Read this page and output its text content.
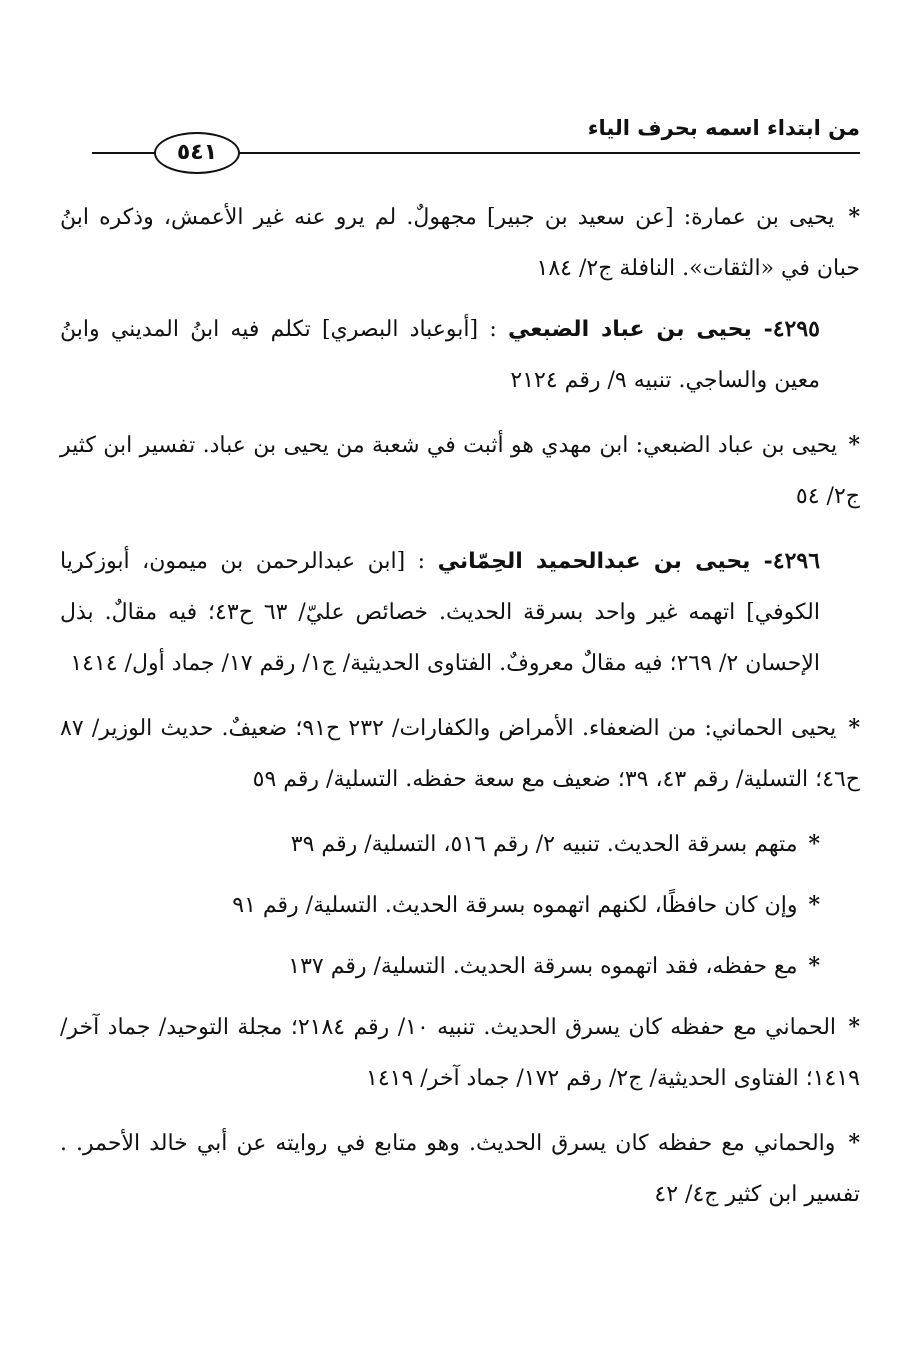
من ابتداء اسمه بحرف الياء
٥٤١

* يحيى بن عمارة: [عن سعيد بن جبير] مجهولٌ. لم يرو عنه غير الأعمش، وذكره ابنُ حبان في «الثقات». النافلة ج٢/ ١٨٤

٤٢٩٥- يحيى بن عباد الضبعي : [أبوعباد البصري] تكلم فيه ابنُ المديني وابنُ معين والساجي. تنبيه ٩/ رقم ٢١٢٤

* يحيى بن عباد الضبعي: ابن مهدي هو أثبت في شعبة من يحيى بن عباد. تفسير ابن كثير ج٢/ ٥٤

٤٢٩٦- يحيى بن عبدالحميد الحِمّاني : [ابن عبدالرحمن بن ميمون، أبوزكريا الكوفي] اتهمه غير واحد بسرقة الحديث. خصائص عليّ/ ٦٣ ح٤٣؛ فيه مقالٌ. بذل الإحسان ٢/ ٢٦٩؛ فيه مقالٌ معروفٌ. الفتاوى الحديثية/ ج١/ رقم ١٧/ جماد أول/ ١٤١٤

* يحيى الحماني: من الضعفاء. الأمراض والكفارات/ ٢٣٢ ح٩١؛ ضعيفٌ. حديث الوزير/ ٨٧ ح٤٦؛ التسلية/ رقم ٤٣، ٣٩؛ ضعيف مع سعة حفظه. التسلية/ رقم ٥٩

* متهم بسرقة الحديث. تنبيه ٢/ رقم ٥١٦، التسلية/ رقم ٣٩

* وإن كان حافظًا، لكنهم اتهموه بسرقة الحديث. التسلية/ رقم ٩١

* مع حفظه، فقد اتهموه بسرقة الحديث. التسلية/ رقم ١٣٧

* الحماني مع حفظه كان يسرق الحديث. تنبيه ١٠/ رقم ٢١٨٤؛ مجلة التوحيد/ جماد آخر/ ١٤١٩؛ الفتاوى الحديثية/ ج٢/ رقم ١٧٢/ جماد آخر/ ١٤١٩

* والحماني مع حفظه كان يسرق الحديث. وهو متابع في روايته عن أبي خالد الأحمر. . تفسير ابن كثير ج٤/ ٤٢
